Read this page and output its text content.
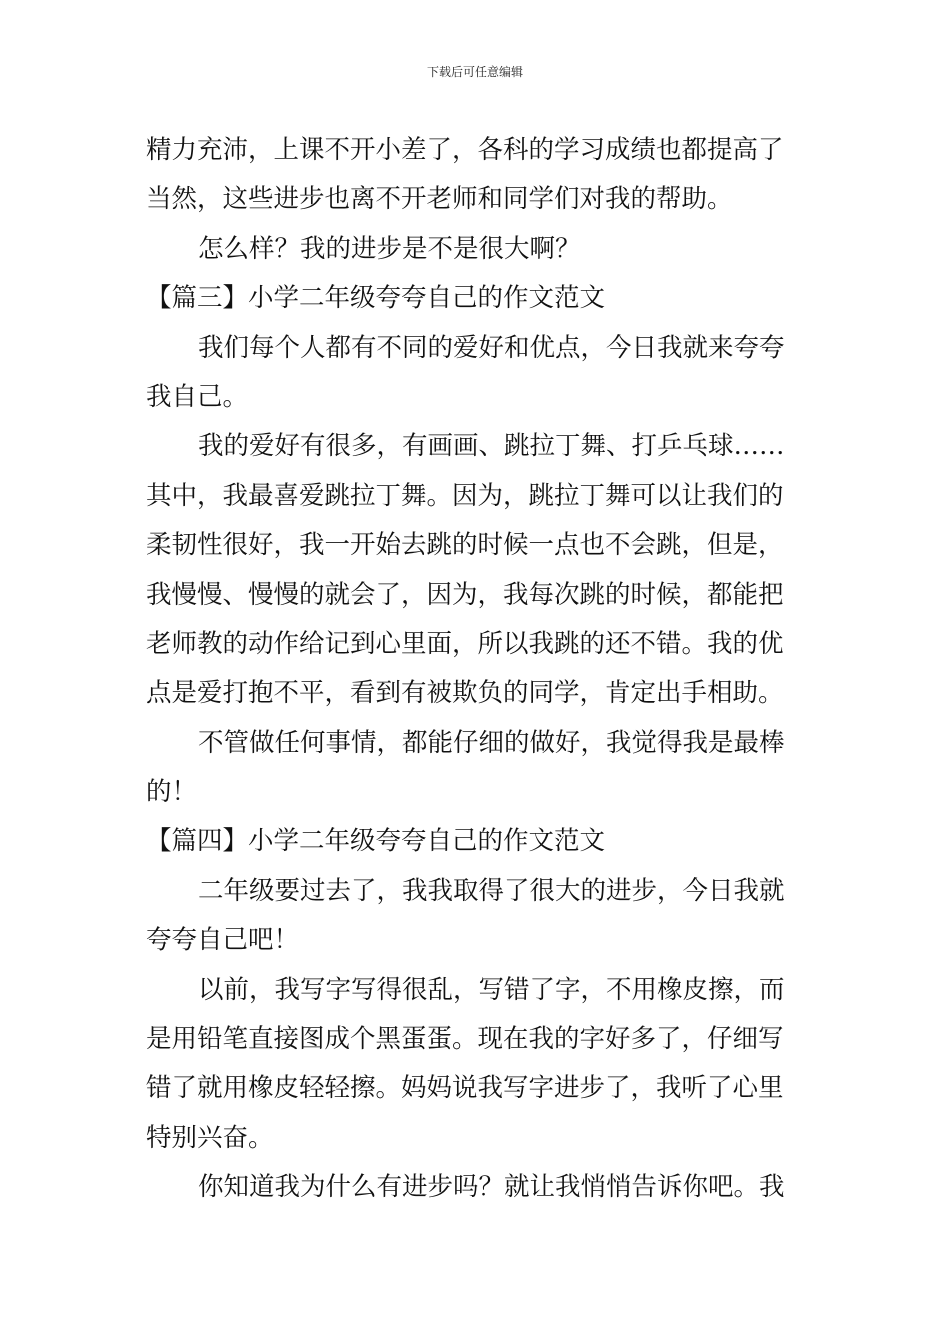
下载后可任意编辑
精力充沛，上课不开小差了，各科的学习成绩也都提高了
当然，这些进步也离不开老师和同学们对我的帮助。
怎么样？我的进步是不是很大啊？
【篇三】小学二年级夸夸自己的作文范文
我们每个人都有不同的爱好和优点，今日我就来夸夸
我自己。
我的爱好有很多，有画画、跳拉丁舞、打乒乓球……
其中，我最喜爱跳拉丁舞。因为，跳拉丁舞可以让我们的
柔韧性很好，我一开始去跳的时候一点也不会跳，但是，
我慢慢、慢慢的就会了，因为，我每次跳的时候，都能把
老师教的动作给记到心里面，所以我跳的还不错。我的优
点是爱打抱不平，看到有被欺负的同学，肯定出手相助。
不管做任何事情，都能仔细的做好，我觉得我是最棒
的！
【篇四】小学二年级夸夸自己的作文范文
二年级要过去了，我我取得了很大的进步，今日我就
夸夸自己吧！
以前，我写字写得很乱，写错了字，不用橡皮擦，而
是用铅笔直接图成个黑蛋蛋。现在我的字好多了，仔细写
错了就用橡皮轻轻擦。妈妈说我写字进步了，我听了心里
特别兴奋。
你知道我为什么有进步吗？就让我悄悄告诉你吧。我
